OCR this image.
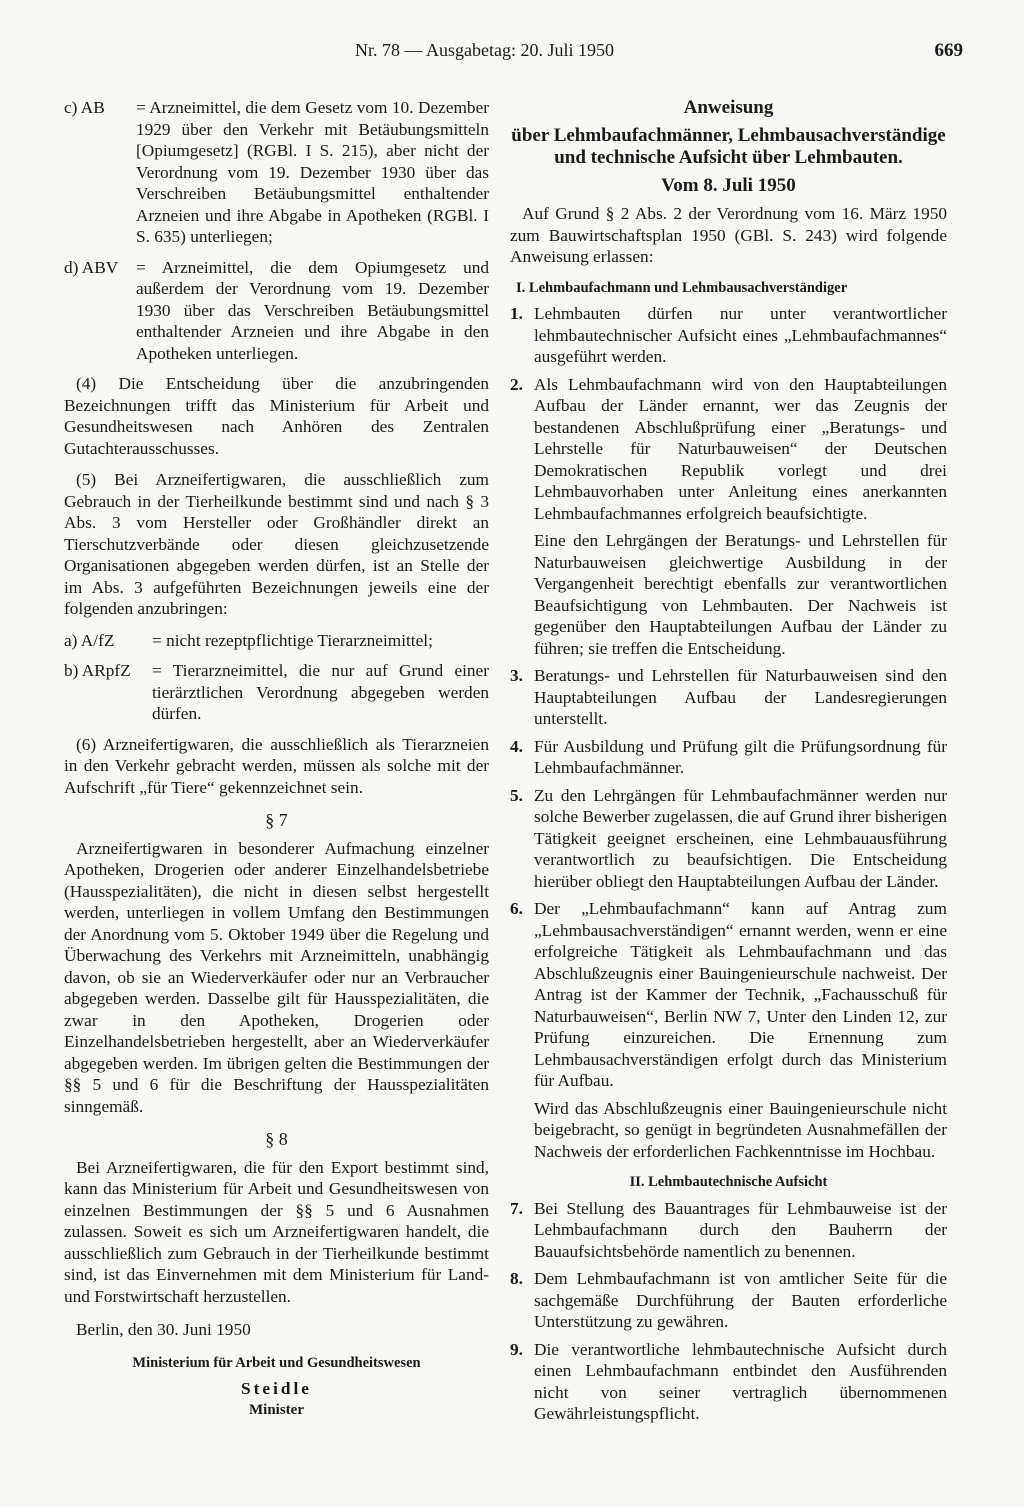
Nr. 78 — Ausgabetag: 20. Juli 1950	669
c) AB	= Arzneimittel, die dem Gesetz vom 10. Dezember 1929 über den Verkehr mit Betäubungsmitteln [Opiumgesetz] (RGBl. I S. 215), aber nicht der Verordnung vom 19. Dezember 1930 über das Verschreiben Betäubungsmittel enthaltender Arzneien und ihre Abgabe in Apotheken (RGBl. I S. 635) unterliegen;
d) ABV	= Arzneimittel, die dem Opiumgesetz und außerdem der Verordnung vom 19. Dezember 1930 über das Verschreiben Betäubungsmittel enthaltender Arzneien und ihre Abgabe in den Apotheken unterliegen.

(4) Die Entscheidung über die anzubringenden Bezeichnungen trifft das Ministerium für Arbeit und Gesundheitswesen nach Anhören des Zentralen Gutachterausschusses.

(5) Bei Arzneifertigwaren, die ausschließlich zum Gebrauch in der Tierheilkunde bestimmt sind und nach § 3 Abs. 3 vom Hersteller oder Großhändler direkt an Tierschutzverbände oder diesen gleichzusetzende Organisationen abgegeben werden dürfen, ist an Stelle der im Abs. 3 aufgeführten Bezeichnungen jeweils eine der folgenden anzubringen:

a) A/fZ	= nicht rezeptpflichtige Tierarzneimittel;
b) ARpfZ	= Tierarzneimittel, die nur auf Grund einer tierärztlichen Verordnung abgegeben werden dürfen.

(6) Arzneifertigwaren, die ausschließlich als Tierarzneien in den Verkehr gebracht werden, müssen als solche mit der Aufschrift „für Tiere“ gekennzeichnet sein.

§ 7

Arzneifertigwaren in besonderer Aufmachung einzelner Apotheken, Drogerien oder anderer Einzelhandelsbetriebe (Hausspezialitäten), die nicht in diesen selbst hergestellt werden, unterliegen in vollem Umfang den Bestimmungen der Anordnung vom 5. Oktober 1949 über die Regelung und Überwachung des Verkehrs mit Arzneimitteln, unabhängig davon, ob sie an Wiederverkäufer oder nur an Verbraucher abgegeben werden. Dasselbe gilt für Hausspezialitäten, die zwar in den Apotheken, Drogerien oder Einzelhandelsbetrieben hergestellt, aber an Wiederverkäufer abgegeben werden. Im übrigen gelten die Bestimmungen der §§ 5 und 6 für die Beschriftung der Hausspezialitäten sinngemäß.

§ 8

Bei Arzneifertigwaren, die für den Export bestimmt sind, kann das Ministerium für Arbeit und Gesundheitswesen von einzelnen Bestimmungen der §§ 5 und 6 Ausnahmen zulassen. Soweit es sich um Arzneifertigwaren handelt, die ausschließlich zum Gebrauch in der Tierheilkunde bestimmt sind, ist das Einvernehmen mit dem Ministerium für Land- und Forstwirtschaft herzustellen.

Berlin, den 30. Juni 1950

Ministerium für Arbeit und Gesundheitswesen
Steidle
Minister
Anweisung
über Lehmbaufachmänner, Lehmbausachverständige und technische Aufsicht über Lehmbauten.
Vom 8. Juli 1950

Auf Grund § 2 Abs. 2 der Verordnung vom 16. März 1950 zum Bauwirtschaftsplan 1950 (GBl. S. 243) wird folgende Anweisung erlassen:

I. Lehmbaufachmann und Lehmbausachverständiger
1. Lehmbauten dürfen nur unter verantwortlicher lehmbautechnischer Aufsicht eines „Lehmbaufachmannes“ ausgeführt werden.
2. Als Lehmbaufachmann wird von den Hauptabteilungen Aufbau der Länder ernannt, wer das Zeugnis der bestandenen Abschlußprüfung einer „Beratungs- und Lehrstelle für Naturbauweisen“ der Deutschen Demokratischen Republik vorlegt und drei Lehmbauvorhaben unter Anleitung eines anerkannten Lehmbaufachmannes erfolgreich beaufsichtigte.
Eine den Lehrgängen der Beratungs- und Lehrstellen für Naturbauweisen gleichwertige Ausbildung in der Vergangenheit berechtigt ebenfalls zur verantwortlichen Beaufsichtigung von Lehmbauten. Der Nachweis ist gegenüber den Hauptabteilungen Aufbau der Länder zu führen; sie treffen die Entscheidung.
3. Beratungs- und Lehrstellen für Naturbauweisen sind den Hauptabteilungen Aufbau der Landesregierungen unterstellt.
4. Für Ausbildung und Prüfung gilt die Prüfungsordnung für Lehmbaufachmänner.
5. Zu den Lehrgängen für Lehmbaufachmänner werden nur solche Bewerber zugelassen, die auf Grund ihrer bisherigen Tätigkeit geeignet erscheinen, eine Lehmbauausführung verantwortlich zu beaufsichtigen. Die Entscheidung hierüber obliegt den Hauptabteilungen Aufbau der Länder.
6. Der „Lehmbaufachmann“ kann auf Antrag zum „Lehmbausachverständigen“ ernannt werden, wenn er eine erfolgreiche Tätigkeit als Lehmbaufachmann und das Abschlußzeugnis einer Bauingenieurschule nachweist. Der Antrag ist der Kammer der Technik, „Fachausschuß für Naturbauweisen“, Berlin NW 7, Unter den Linden 12, zur Prüfung einzureichen. Die Ernennung zum Lehmbausachverständigen erfolgt durch das Ministerium für Aufbau.
Wird das Abschlußzeugnis einer Bauingenieurschule nicht beigebracht, so genügt in begründeten Ausnahmefällen der Nachweis der erforderlichen Fachkenntnisse im Hochbau.
II. Lehmbautechnische Aufsicht
7. Bei Stellung des Bauantrages für Lehmbauweise ist der Lehmbaufachmann durch den Bauherrn der Bauaufsichtsbehörde namentlich zu benennen.
8. Dem Lehmbaufachmann ist von amtlicher Seite für die sachgemäße Durchführung der Bauten erforderliche Unterstützung zu gewähren.
9. Die verantwortliche lehmbautechnische Aufsicht durch einen Lehmbaufachmann entbindet den Ausführenden nicht von seiner vertraglich übernommenen Gewährleistungspflicht.
